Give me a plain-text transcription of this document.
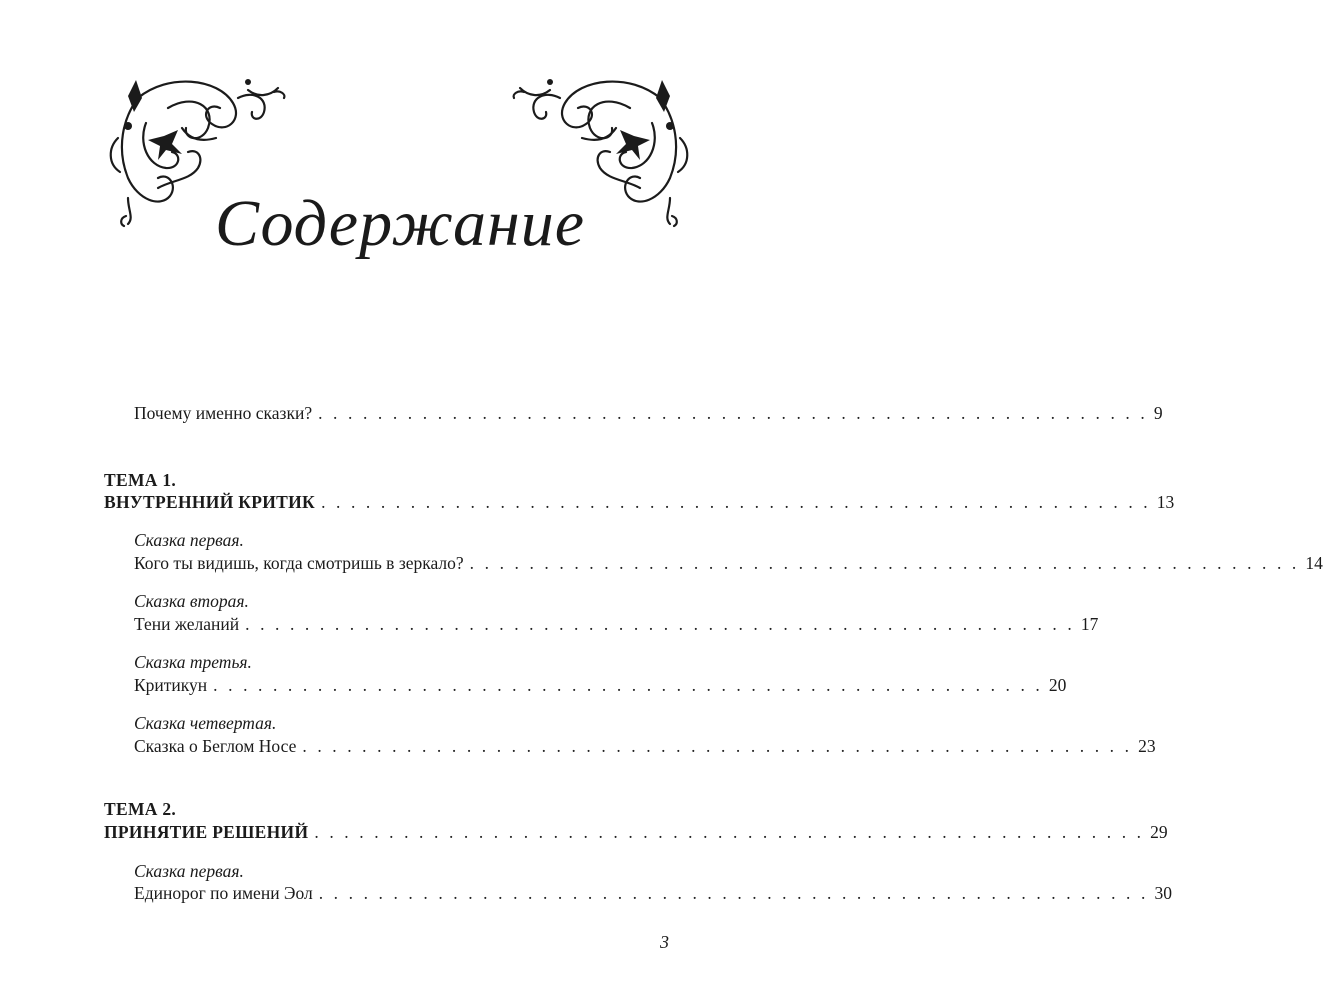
Содержание
Почему именно сказки? . . . . . . . . . . . . . . . . . . . . . . . . . . . . . . . . . . . . . . . . . . . . . . . . . . . . . . . . 9
ТЕМА 1.
ВНУТРЕННИЙ КРИТИК . . . . . . . . . . . . . . . . . . . . . . . . . . . . . . . . . . . . . . . . . . . . . . . . . . . . . . . . 13
Сказка первая.
Кого ты видишь, когда смотришь в зеркало? . . . . . . . . . . . . . . . . . . . . . . . . . . . . . . . . . . . . . . . . . . . . . . . . . . . . . . . . 14
Сказка вторая.
Тени желаний . . . . . . . . . . . . . . . . . . . . . . . . . . . . . . . . . . . . . . . . . . . . . . . . . . . . . . . . 17
Сказка третья.
Критикун . . . . . . . . . . . . . . . . . . . . . . . . . . . . . . . . . . . . . . . . . . . . . . . . . . . . . . . . 20
Сказка четвертая.
Сказка о Беглом Носе . . . . . . . . . . . . . . . . . . . . . . . . . . . . . . . . . . . . . . . . . . . . . . . . . . . . . . . . 23
ТЕМА 2.
ПРИНЯТИЕ РЕШЕНИЙ . . . . . . . . . . . . . . . . . . . . . . . . . . . . . . . . . . . . . . . . . . . . . . . . . . . . . . . . 29
Сказка первая.
Единорог по имени Эол . . . . . . . . . . . . . . . . . . . . . . . . . . . . . . . . . . . . . . . . . . . . . . . . . . . . . . . . 30
3
